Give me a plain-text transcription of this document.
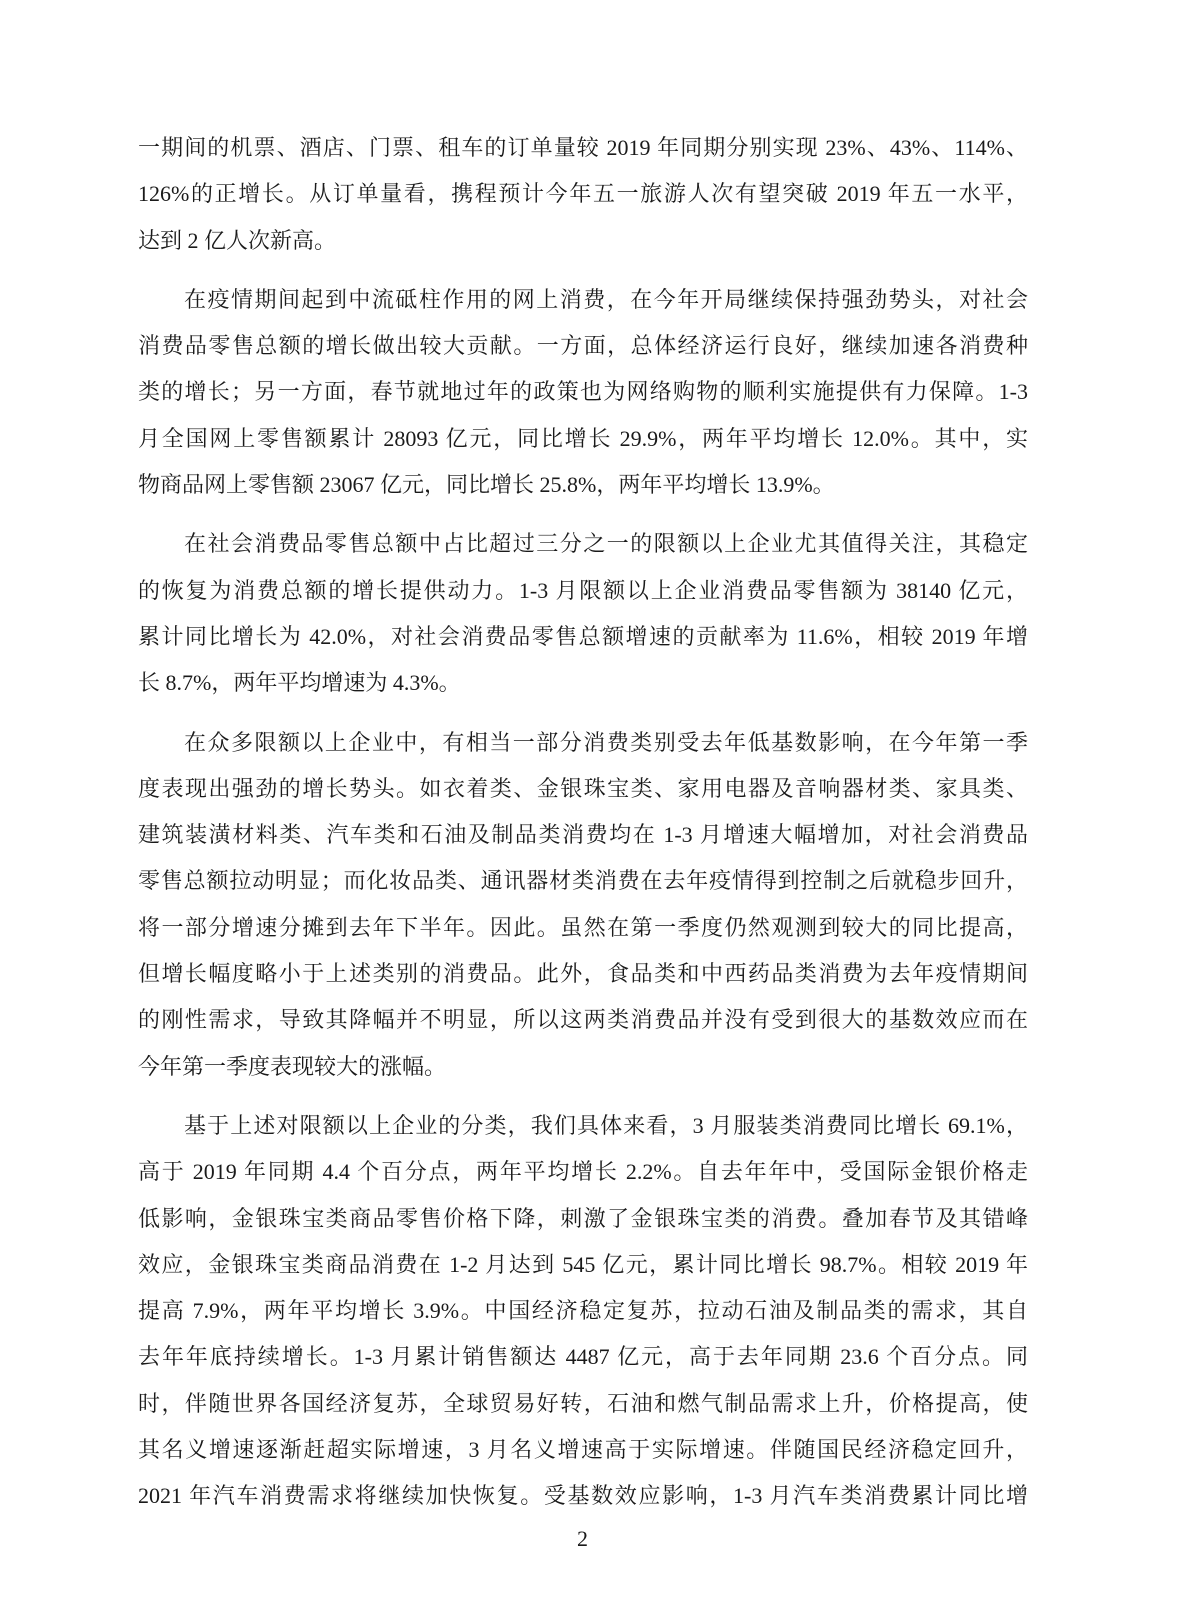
一期间的机票、酒店、门票、租车的订单量较 2019 年同期分别实现 23%、43%、114%、
126%的正增长。从订单量看，携程预计今年五一旅游人次有望突破 2019 年五一水平，
达到 2 亿人次新高。
在疫情期间起到中流砥柱作用的网上消费，在今年开局继续保持强劲势头，对社会
消费品零售总额的增长做出较大贡献。一方面，总体经济运行良好，继续加速各消费种
类的增长；另一方面，春节就地过年的政策也为网络购物的顺利实施提供有力保障。1-3
月全国网上零售额累计 28093 亿元，同比增长 29.9%，两年平均增长 12.0%。其中，实
物商品网上零售额 23067 亿元，同比增长 25.8%，两年平均增长 13.9%。
在社会消费品零售总额中占比超过三分之一的限额以上企业尤其值得关注，其稳定
的恢复为消费总额的增长提供动力。1-3 月限额以上企业消费品零售额为 38140 亿元，
累计同比增长为 42.0%，对社会消费品零售总额增速的贡献率为 11.6%，相较 2019 年增
长 8.7%，两年平均增速为 4.3%。
在众多限额以上企业中，有相当一部分消费类别受去年低基数影响，在今年第一季
度表现出强劲的增长势头。如衣着类、金银珠宝类、家用电器及音响器材类、家具类、
建筑装潢材料类、汽车类和石油及制品类消费均在 1-3 月增速大幅增加，对社会消费品
零售总额拉动明显；而化妆品类、通讯器材类消费在去年疫情得到控制之后就稳步回升，
将一部分增速分摊到去年下半年。因此。虽然在第一季度仍然观测到较大的同比提高，
但增长幅度略小于上述类别的消费品。此外，食品类和中西药品类消费为去年疫情期间
的刚性需求，导致其降幅并不明显，所以这两类消费品并没有受到很大的基数效应而在
今年第一季度表现较大的涨幅。
基于上述对限额以上企业的分类，我们具体来看，3 月服装类消费同比增长 69.1%，
高于 2019 年同期 4.4 个百分点，两年平均增长 2.2%。自去年年中，受国际金银价格走
低影响，金银珠宝类商品零售价格下降，刺激了金银珠宝类的消费。叠加春节及其错峰
效应，金银珠宝类商品消费在 1-2 月达到 545 亿元，累计同比增长 98.7%。相较 2019 年
提高 7.9%，两年平均增长 3.9%。中国经济稳定复苏，拉动石油及制品类的需求，其自
去年年底持续增长。1-3 月累计销售额达 4487 亿元，高于去年同期 23.6 个百分点。同
时，伴随世界各国经济复苏，全球贸易好转，石油和燃气制品需求上升，价格提高，使
其名义增速逐渐赶超实际增速，3 月名义增速高于实际增速。伴随国民经济稳定回升，
2021 年汽车消费需求将继续加快恢复。受基数效应影响，1-3 月汽车类消费累计同比增
2
